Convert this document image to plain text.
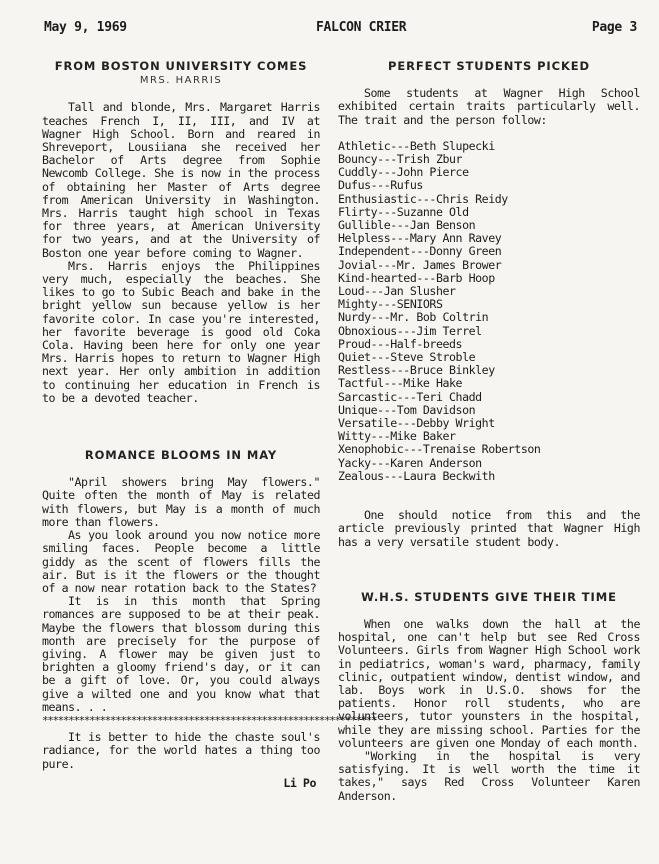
May 9, 1969	FALCON CRIER	Page 3
FROM BOSTON UNIVERSITY COMES
MRS. HARRIS

Tall and blonde, Mrs. Margaret Harris teaches French I, II, III, and IV at Wagner High School. Born and reared in Shreveport, Lousiiana she received her Bachelor of Arts degree from Sophie Newcomb College. She is now in the process of obtaining her Master of Arts degree from American University in Washington. Mrs. Harris taught high school in Texas for three years, at American University for two years, and at the University of Boston one year before coming to Wagner.

Mrs. Harris enjoys the Philippines very much, especially the beaches. She likes to go to Subic Beach and bake in the bright yellow sun because yellow is her favorite color. In case you're interested, her favorite beverage is good old Coka Cola. Having been here for only one year Mrs. Harris hopes to return to Wagner High next year. Her only ambition in addition to continuing her education in French is to be a devoted teacher.

ROMANCE BLOOMS IN MAY

"April showers bring May flowers." Quite often the month of May is related with flowers, but May is a month of much more than flowers.

As you look around you now notice more smiling faces. People become a little giddy as the scent of flowers fills the air. But is it the flowers or the thought of a now near rotation back to the States?

It is in this month that Spring romances are supposed to be at their peak. Maybe the flowers that blossom during this month are precisely for the purpose of giving. A flower may be given just to brighten a gloomy friend's day, or it can be a gift of love. Or, you could always give a wilted one and you know what that means. . .

****************************************************************

It is better to hide the chaste soul's radiance, for the world hates a thing too pure.

Li Po
PERFECT STUDENTS PICKED

Some students at Wagner High School exhibited certain traits particularly well. The trait and the person follow:

Athletic---Beth Slupecki
Bouncy---Trish Zbur
Cuddly---John Pierce
Dufus---Rufus
Enthusiastic---Chris Reidy
Flirty---Suzanne Old
Gullible---Jan Benson
Helpless---Mary Ann Ravey
Independent---Donny Green
Jovial---Mr. James Brower
Kind-hearted---Barb Hoop
Loud---Jan Slusher
Mighty---SENIORS
Nurdy---Mr. Bob Coltrin
Obnoxious---Jim Terrel
Proud---Half-breeds
Quiet---Steve Stroble
Restless---Bruce Binkley
Tactful---Mike Hake
Sarcastic---Teri Chadd
Unique---Tom Davidson
Versatile---Debby Wright
Witty---Mike Baker
Xenophobic---Trenaise Robertson
Yacky---Karen Anderson
Zealous---Laura Beckwith

One should notice from this and the article previously printed that Wagner High has a very versatile student body.

W.H.S. STUDENTS GIVE THEIR TIME

When one walks down the hall at the hospital, one can't help but see Red Cross Volunteers. Girls from Wagner High School work in pediatrics, woman's ward, pharmacy, family clinic, outpatient window, dentist window, and lab. Boys work in U.S.O. shows for the patients. Honor roll students, who are volunteers, tutor younsters in the hospital, while they are missing school. Parties for the volunteers are given one Monday of each month.

"Working in the hospital is very satisfying. It is well worth the time it takes," says Red Cross Volunteer Karen Anderson.
